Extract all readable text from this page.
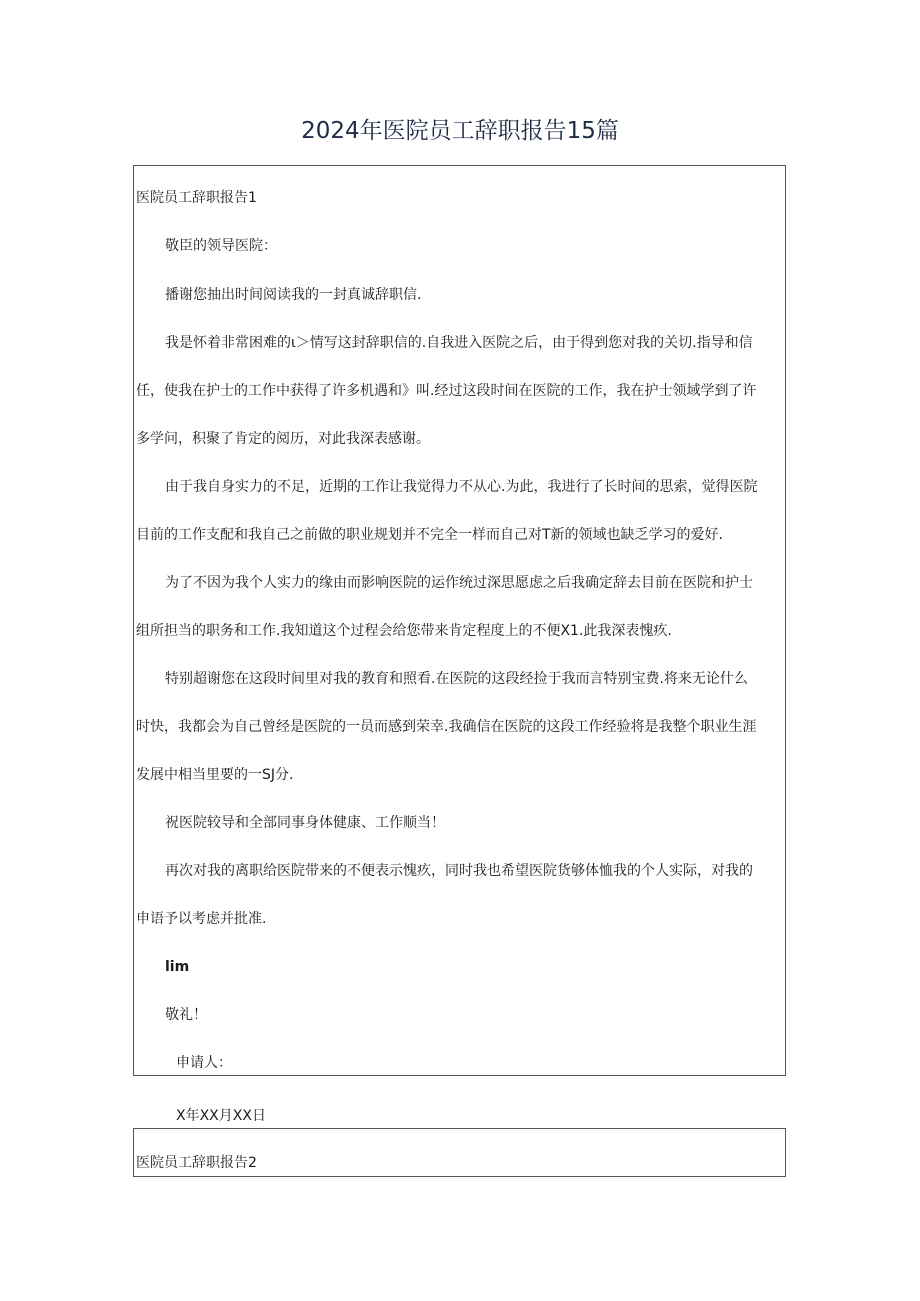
2024年医院员工辞职报告15篇
医院员工辞职报告1
敬臣的领导医院：
播谢您抽出时间阅读我的一封真诚辞职信.
我是怀着非常困难的ι＞情写这封辞职信的.自我进入医院之后，由于得到您对我的关切.指导和信
任，使我在护士的工作中获得了许多机遇和》叫.经过这段时间在医院的工作，我在护士领域学到了许
多学问，积聚了肯定的阅历，对此我深表感谢。
由于我自身实力的不足，近期的工作让我觉得力不从心.为此，我进行了长时间的思索，觉得医院
目前的工作支配和我自己之前做的职业规划并不完全一样而自己对T新的领域也缺乏学习的爱好.
为了不因为我个人实力的缘由而影响医院的运作统过深思愿虑之后我确定辞去目前在医院和护士
组所担当的职务和工作.我知道这个过程会给您带来肯定程度上的不便X1.此我深表愧疚.
特别超谢您在这段时间里对我的教育和照看.在医院的这段经捡于我而言特别宝费.将来无论什么
时快，我都会为自己曾经是医院的一员而感到荣幸.我确信在医院的这段工作经验将是我整个职业生涯
发展中相当里要的一SJ分.
祝医院较导和全部同事身体健康、工作顺当！
再次对我的离职给医院带来的不便表示愧疚，同时我也希望医院货够体恤我的个人实际，对我的
申语予以考虑并批准.
lim
敬礼！
申请人：
X年XX月XX日
医院员工辞职报告2
